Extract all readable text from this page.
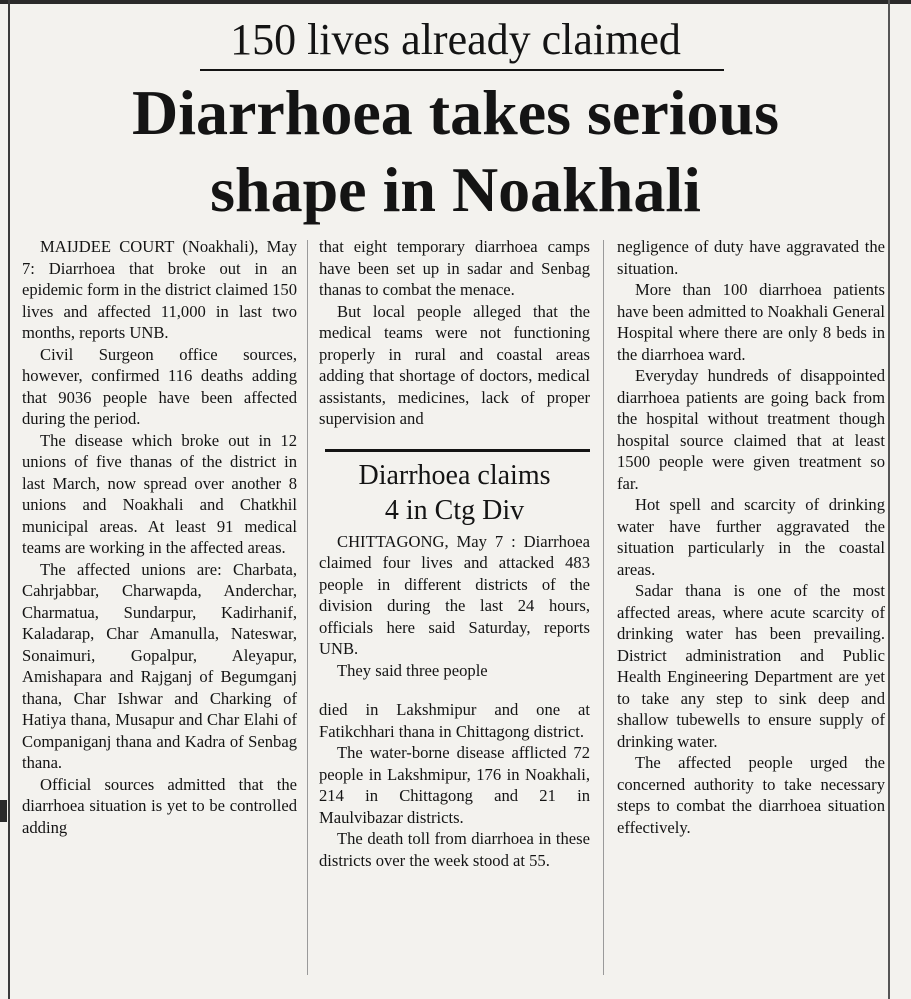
150 lives already claimed
Diarrhoea takes serious
shape in Noakhali

MAIJDEE COURT (Noakhali), May 7: Diarrhoea that broke out in an epidemic form in the district claimed 150 lives and affected 11,000 in last two months, reports UNB.

Civil Surgeon office sources, however, confirmed 116 deaths adding that 9036 people have been affected during the period.

The disease which broke out in 12 unions of five thanas of the district in last March, now spread over another 8 unions and Noakhali and Chatkhil municipal areas. At least 91 medical teams are working in the affected areas.

The affected unions are: Charbata, Cahrjabbar, Charwapda, Anderchar, Charmatua, Sundarpur, Kadirhanif, Kaladarap, Char Amanulla, Nateswar, Sonaimuri, Gopalpur, Aleyapur, Amishapara and Rajganj of Begumganj thana, Char Ishwar and Charking of Hatiya thana, Musapur and Char Elahi of Companiganj thana and Kadra of Senbag thana.

Official sources admitted that the diarrhoea situation is yet to be controlled adding

that eight temporary diarrhoea camps have been set up in sadar and Senbag thanas to combat the menace.

But local people alleged that the medical teams were not functioning properly in rural and coastal areas adding that shortage of doctors, medical assistants, medicines, lack of proper supervision and

Diarrhoea claims
4 in Ctg Div

CHITTAGONG, May 7 : Diarrhoea claimed four lives and attacked 483 people in different districts of the division during the last 24 hours, officials here said Saturday, reports UNB.

They said three people

died in Lakshmipur and one at Fatikchhari thana in Chittagong district.

The water-borne disease afflicted 72 people in Lakshmipur, 176 in Noakhali, 214 in Chittagong and 21 in Maulvibazar districts.

The death toll from diarrhoea in these districts over the week stood at 55.

negligence of duty have aggravated the situation.

More than 100 diarrhoea patients have been admitted to Noakhali General Hospital where there are only 8 beds in the diarrhoea ward.

Everyday hundreds of disappointed diarrhoea patients are going back from the hospital without treatment though hospital source claimed that at least 1500 people were given treatment so far.

Hot spell and scarcity of drinking water have further aggravated the situation particularly in the coastal areas.

Sadar thana is one of the most affected areas, where acute scarcity of drinking water has been prevailing. District administration and Public Health Engineering Department are yet to take any step to sink deep and shallow tubewells to ensure supply of drinking water.

The affected people urged the concerned authority to take necessary steps to combat the diarrhoea situation effectively.
